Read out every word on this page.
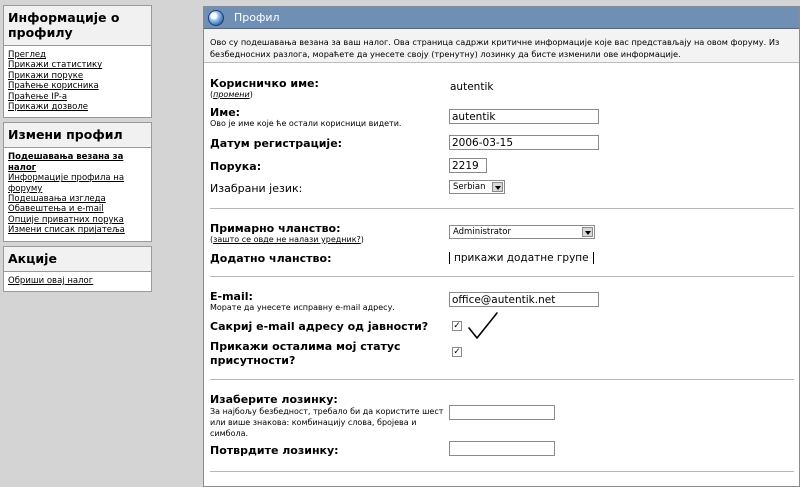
Информације о профилу
Преглед
Прикажи статистику
Прикажи поруке
Праћење корисника
Праћење IP-а
Прикажи дозволе
Измени профил
Подешавања везана за налог
Информације профила на форуму
Подешавања изгледа
Обавештења и e-mail
Опције приватних порука
Измени списак пријатеља
Акције
Обриши овај налог
Профил
Ово су подешавања везана за ваш налог. Ова страница садржи критичне информације које вас представљају на овом форуму. Из безбедносних разлога, мораћете да унесете своју (тренутну) лозинку да бисте изменили ове информације.
Корисничко име:
(промени)
autentik
Име:
Ово је име које ће остали корисници видети.
autentik
Датум регистрације:
2006-03-15
Порука:
2219
Изабрани језик:	Serbian
Примарно чланство:
(зашто се овде не налази уредник?)
Administrator
Додатно чланство:	прикажи додатне групе
E-mail:
Морате да унесете исправну e-mail адресу.
office@autentik.net
Сакриј e-mail адресу од јавности?	✓
Прикажи осталима мој статус присутности?
✓
Изаберите лозинку:
За најбољу безбедност, требало би да користите шест или више знакова: комбинацију слова, бројева и симбола.
Потврдите лозинку:
